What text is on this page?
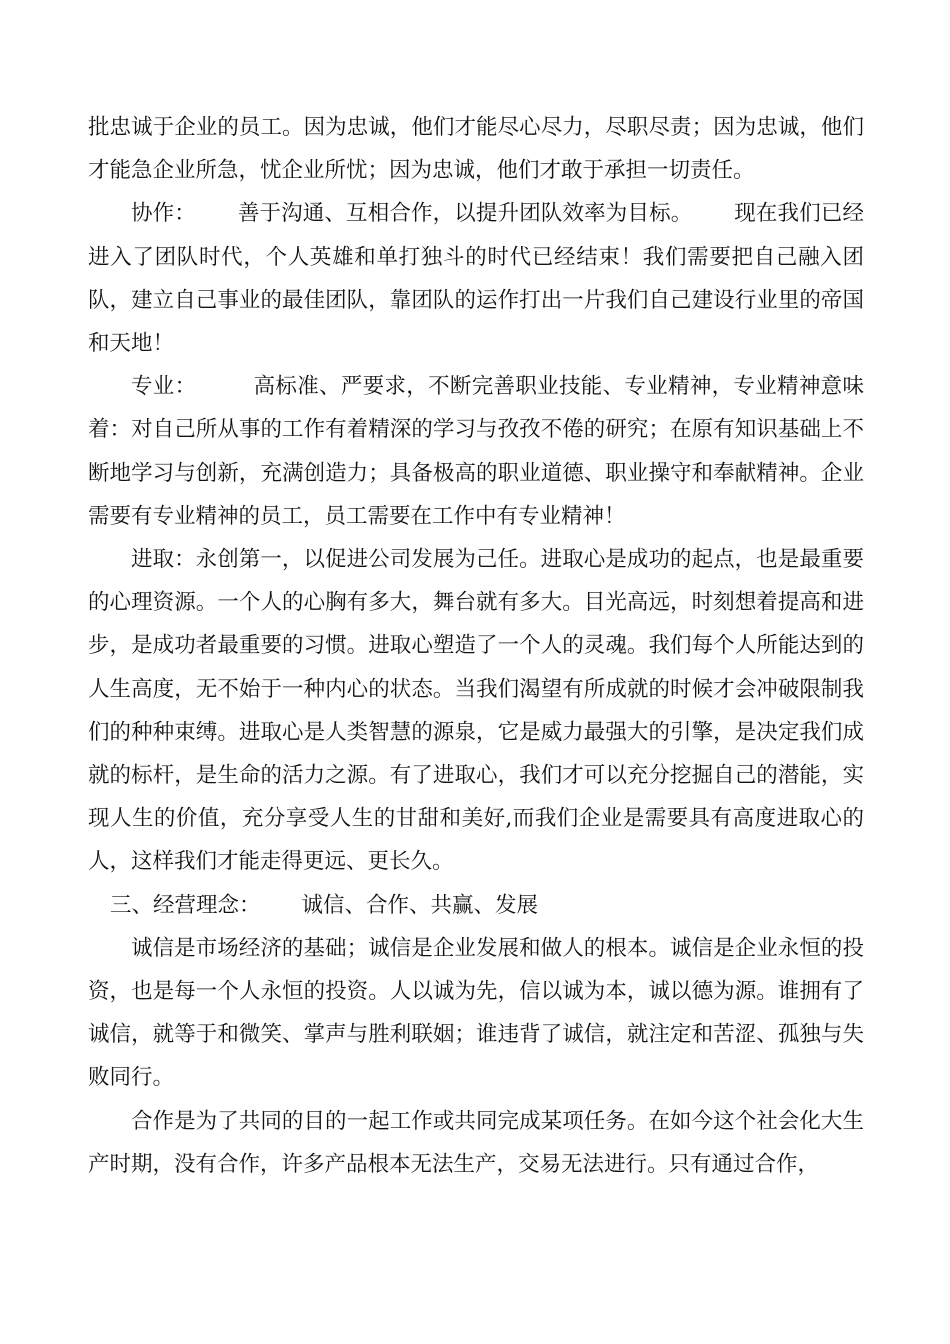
批忠诚于企业的员工。因为忠诚，他们才能尽心尽力，尽职尽责；因为忠诚，他们才能急企业所急，忧企业所忧；因为忠诚，他们才敢于承担一切责任。

协作：      善于沟通、互相合作，以提升团队效率为目标。      现在我们已经进入了团队时代，个人英雄和单打独斗的时代已经结束！我们需要把自己融入团队，建立自己事业的最佳团队，靠团队的运作打出一片我们自己建设行业里的帝国和天地！

专业：        高标准、严要求，不断完善职业技能、专业精神，专业精神意味着：对自己所从事的工作有着精深的学习与孜孜不倦的研究；在原有知识基础上不断地学习与创新，充满创造力；具备极高的职业道德、职业操守和奉献精神。企业需要有专业精神的员工，员工需要在工作中有专业精神！

进取：永创第一，以促进公司发展为己任。进取心是成功的起点，也是最重要的心理资源。一个人的心胸有多大，舞台就有多大。目光高远，时刻想着提高和进步，是成功者最重要的习惯。进取心塑造了一个人的灵魂。我们每个人所能达到的人生高度，无不始于一种内心的状态。当我们渴望有所成就的时候才会冲破限制我们的种种束缚。进取心是人类智慧的源泉，它是威力最强大的引擎，是决定我们成就的标杆，是生命的活力之源。有了进取心，我们才可以充分挖掘自己的潜能，实现人生的价值，充分享受人生的甘甜和美好,而我们企业是需要具有高度进取心的人，这样我们才能走得更远、更长久。

三、经营理念：      诚信、合作、共赢、发展

诚信是市场经济的基础；诚信是企业发展和做人的根本。诚信是企业永恒的投资，也是每一个人永恒的投资。人以诚为先，信以诚为本，诚以德为源。谁拥有了诚信，就等于和微笑、掌声与胜利联姻；谁违背了诚信，就注定和苦涩、孤独与失败同行。

合作是为了共同的目的一起工作或共同完成某项任务。在如今这个社会化大生产时期，没有合作，许多产品根本无法生产，交易无法进行。只有通过合作，
